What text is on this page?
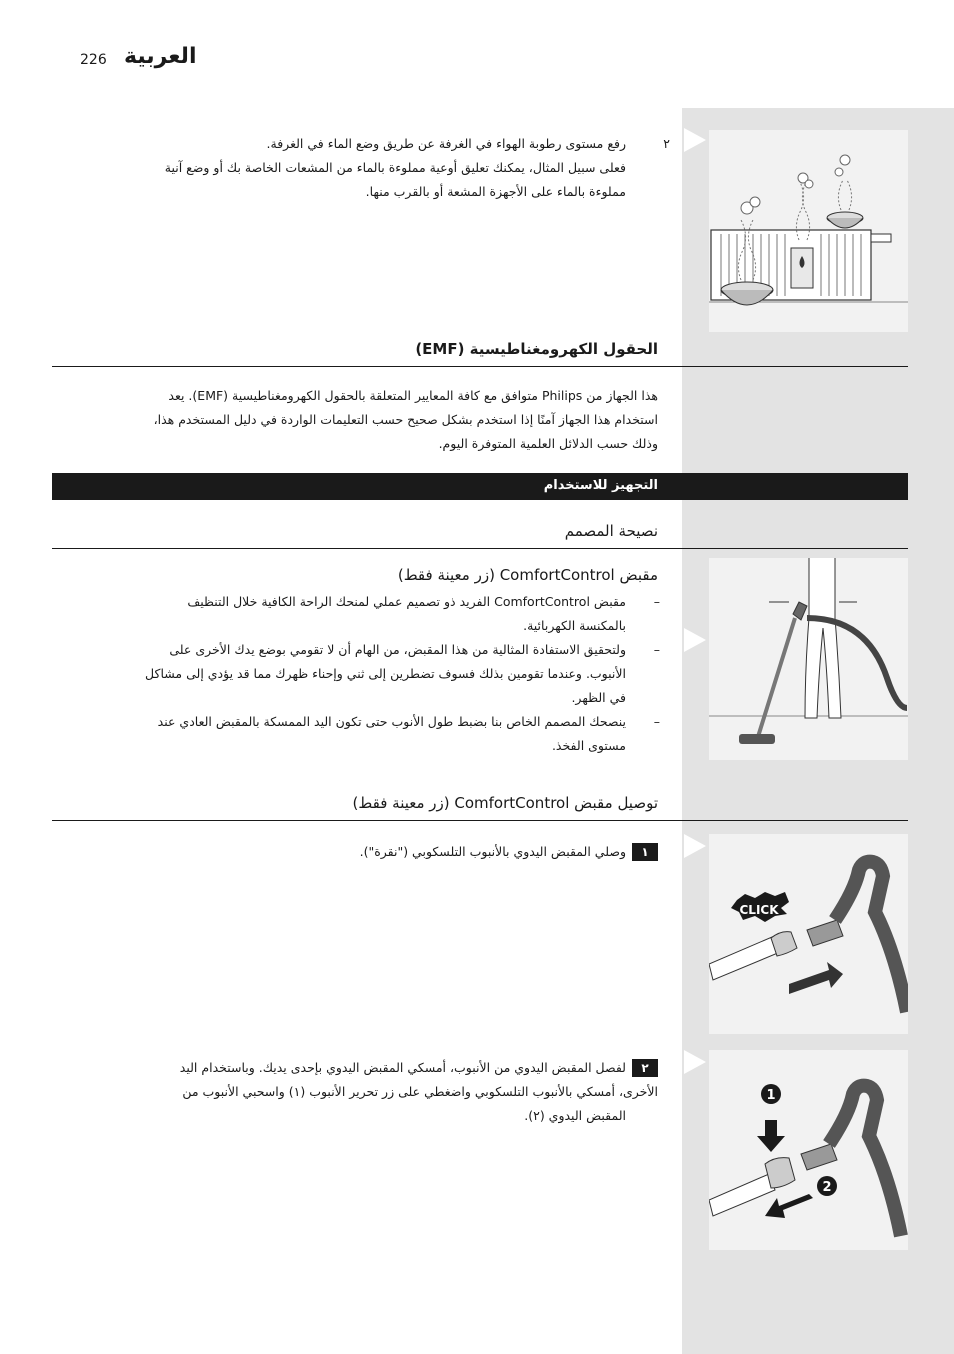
226 العربية
٢
رفع مستوى رطوبة الهواء في الغرفة عن طريق وضع الماء في الغرفة.
فعلى سبيل المثال، يمكنك تعليق أوعية مملوءة بالماء من المشعات الخاصة بك أو وضع آنية
مملوءة بالماء على الأجهزة المشعة أو بالقرب منها.
الحقول الكهرومغناطيسية (EMF)
هذا الجهاز من Philips متوافق مع كافة المعايير المتعلقة بالحقول الكهرومغناطيسية (EMF). يعد
استخدام هذا الجهاز آمنًا إذا استخدم بشكل صحيح حسب التعليمات الواردة في دليل المستخدم هذا،
وذلك حسب الدلائل العلمية المتوفرة اليوم.
التجهيز للاستخدام
نصيحة المصمم
مقبض ComfortControl (زر معينة فقط)
–
مقبض ComfortControl الفريد ذو تصميم عملي لمنحك الراحة الكافية خلال التنظيف
بالمكنسة الكهربائية.
–
ولتحقيق الاستفادة المثالية من هذا المقبض، من الهام أن لا تقومي بوضع يدك الأخرى على
الأنبوب. وعندما تقومين بذلك فسوف تضطرين إلى ثني وإحناء ظهرك مما قد يؤدي إلى مشاكل
في الظهر.
–
ينصحك المصمم الخاص بنا بضبط طول الأنوب حتى تكون اليد الممسكة بالمقبض العادي عند
مستوى الفخذ.
توصيل مقبض ComfortControl (زر معينة فقط)
١وصلي المقبض اليدوي بالأنبوب التلسكوبي ("نقرة").
CLICK
٢لفصل المقبض اليدوي من الأنبوب، أمسكي المقبض اليدوي بإحدى يديك. وباستخدام اليد
الأخرى، أمسكي بالأنبوب التلسكوبي واضغطي على زر تحرير الأنبوب (١) واسحبي الأنبوب من
المقبض اليدوي (٢).
1
2
